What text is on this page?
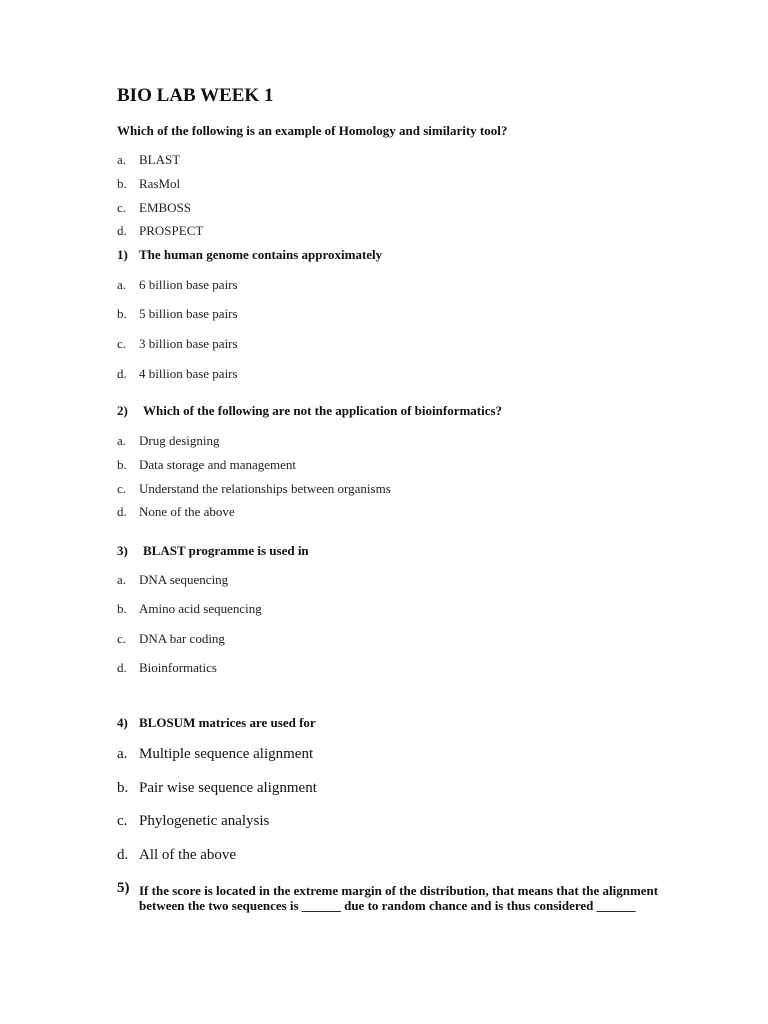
BIO LAB WEEK 1
Which of the following is an example of Homology and similarity tool?
a. BLAST
b. RasMol
c. EMBOSS
d. PROSPECT
1) The human genome contains approximately
a. 6 billion base pairs
b. 5 billion base pairs
c. 3 billion base pairs
d. 4 billion base pairs
2) Which of the following are not the application of bioinformatics?
a. Drug designing
b. Data storage and management
c. Understand the relationships between organisms
d. None of the above
3) BLAST programme is used in
a. DNA sequencing
b. Amino acid sequencing
c. DNA bar coding
d. Bioinformatics
4) BLOSUM matrices are used for
a. Multiple sequence alignment
b. Pair wise sequence alignment
c. Phylogenetic analysis
d. All of the above
5) If the score is located in the extreme margin of the distribution, that means that the alignment between the two sequences is ______ due to random chance and is thus considered ______
